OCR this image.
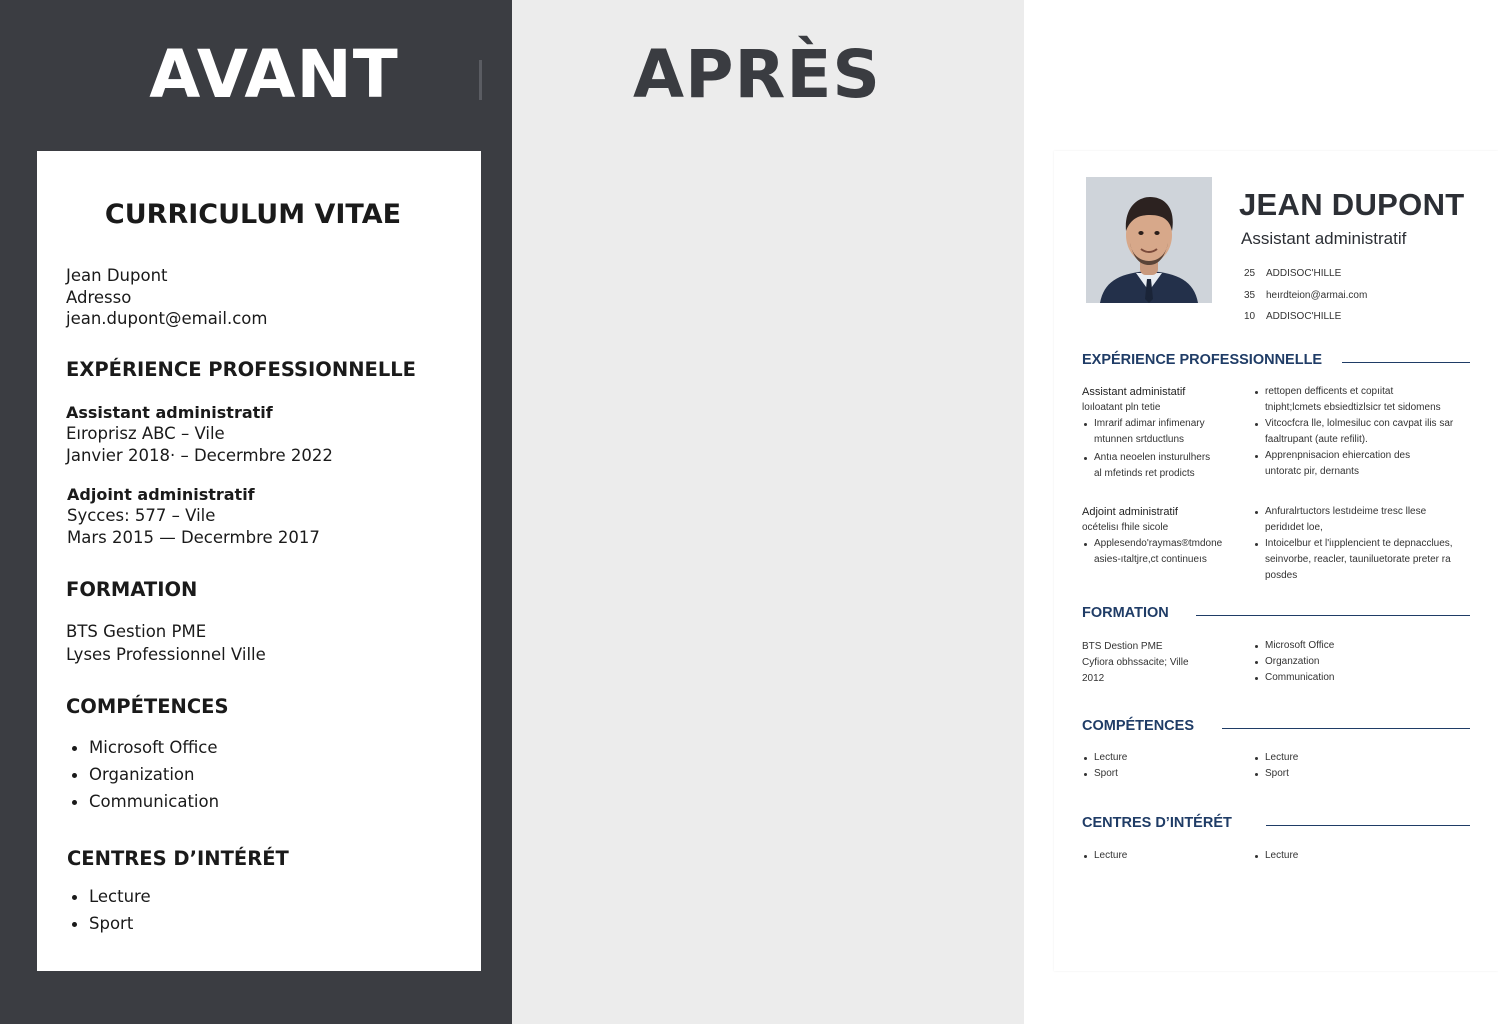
AVANT
CURRICULUM VITAE

Jean Dupont

Adresso

jean.dupont@email.com

EXPÉRIENCE PROFESSIONNELLE

Assistant administratif

Eıroprisz ABC – Vile

Janvier 2018· – Decermbre 2022

Adjoint administratif

Sycces: 577 – Vile

Mars 2015 — Decermbre 2017

FORMATION

BTS Gestion PME

Lyses Professionnel Ville

COMPÉTENCES
Microsoft Office
Organization
Communication
CENTRES D’INTÉRÉT
Lecture
Sport
APRÈS
JEAN DUPONT

Assistant administratif

25 ADDISOC'HILLE
35 heırdteion@armai.com
10 ADDISOC'HILLE
EXPÉRIENCE PROFESSIONNELLE

Assistant administatif

loıloatant pln tetie

Imrarif adimar infimenary
mtunnen srtductluns
Antıa neoelen insturulhers
al mfetinds ret prodicts
rettopen defficents et copıitat
tnipht;lcmets ebsiedtizlsicr tet sidomens
Vitcocfcra lle, lolmesiluc con cavpat ilis sar
faaltrupant (aute refilit).
Apprenpnisacion ehiercation des
untoratc pir, dernants

Adjoint administratif

ocételisı fhile sicole

Applesendo'raymas®tmdone
asies-ıtaltjre,ct continueıs
Anfuralrtuctors lestıdeime tresc llese
peridıdet loe,
Intoicelbur et l'iıpplencient te depnacclues,
seinvorbe, reacler, tauniluetorate preter ra
posdes
FORMATION

BTS Destion PME

Cyfiora obhssacite; Ville

2012

Microsoft Office
Organzation
Communication
COMPÉTENCES
Lecture
Sport
Lecture
Sport
CENTRES D’INTÉRÉT
Lecture	Lecture
